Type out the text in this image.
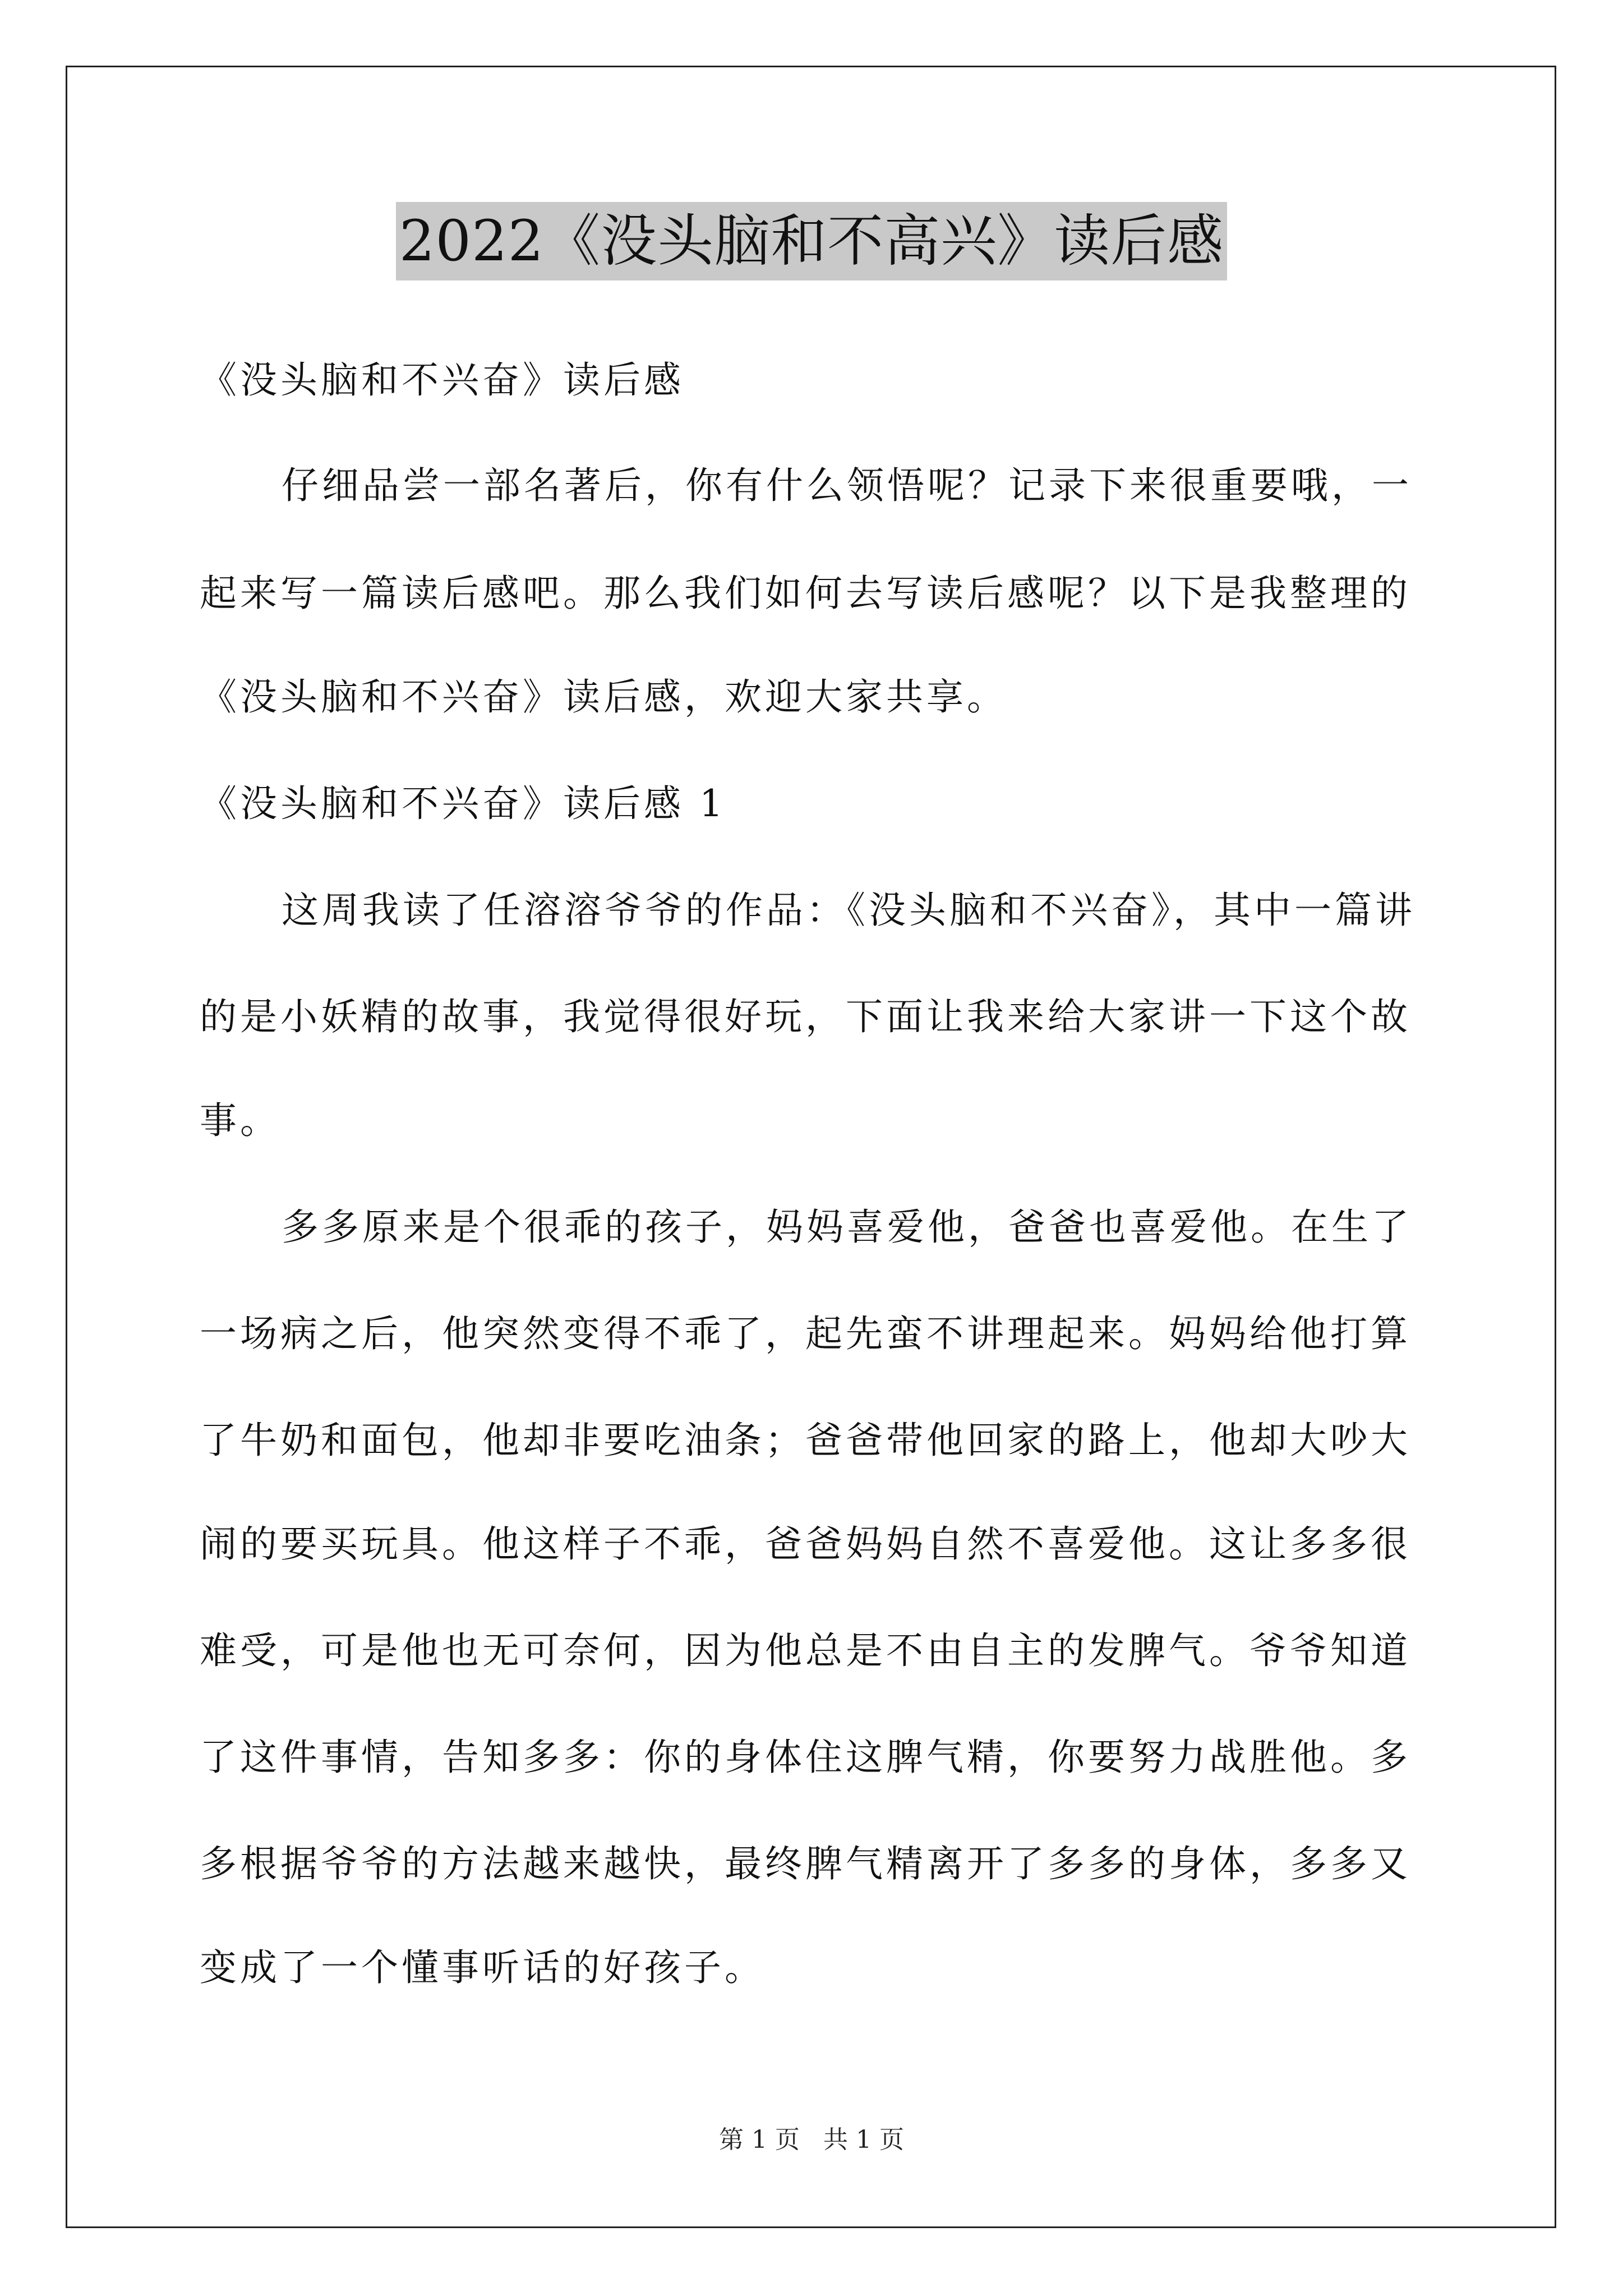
2022《没头脑和不高兴》读后感
《没头脑和不兴奋》读后感
仔细品尝一部名著后，你有什么领悟呢？记录下来很重要哦，一
起来写一篇读后感吧。那么我们如何去写读后感呢？以下是我整理的
《没头脑和不兴奋》读后感，欢迎大家共享。
《没头脑和不兴奋》读后感 1
这周我读了任溶溶爷爷的作品：《没头脑和不兴奋》，其中一篇讲
的是小妖精的故事，我觉得很好玩，下面让我来给大家讲一下这个故
事。
多多原来是个很乖的孩子，妈妈喜爱他，爸爸也喜爱他。在生了
一场病之后，他突然变得不乖了，起先蛮不讲理起来。妈妈给他打算
了牛奶和面包，他却非要吃油条；爸爸带他回家的路上，他却大吵大
闹的要买玩具。他这样子不乖，爸爸妈妈自然不喜爱他。这让多多很
难受，可是他也无可奈何，因为他总是不由自主的发脾气。爷爷知道
了这件事情，告知多多：你的身体住这脾气精，你要努力战胜他。多
多根据爷爷的方法越来越快，最终脾气精离开了多多的身体，多多又
变成了一个懂事听话的好孩子。
第 1 页 共 1 页
